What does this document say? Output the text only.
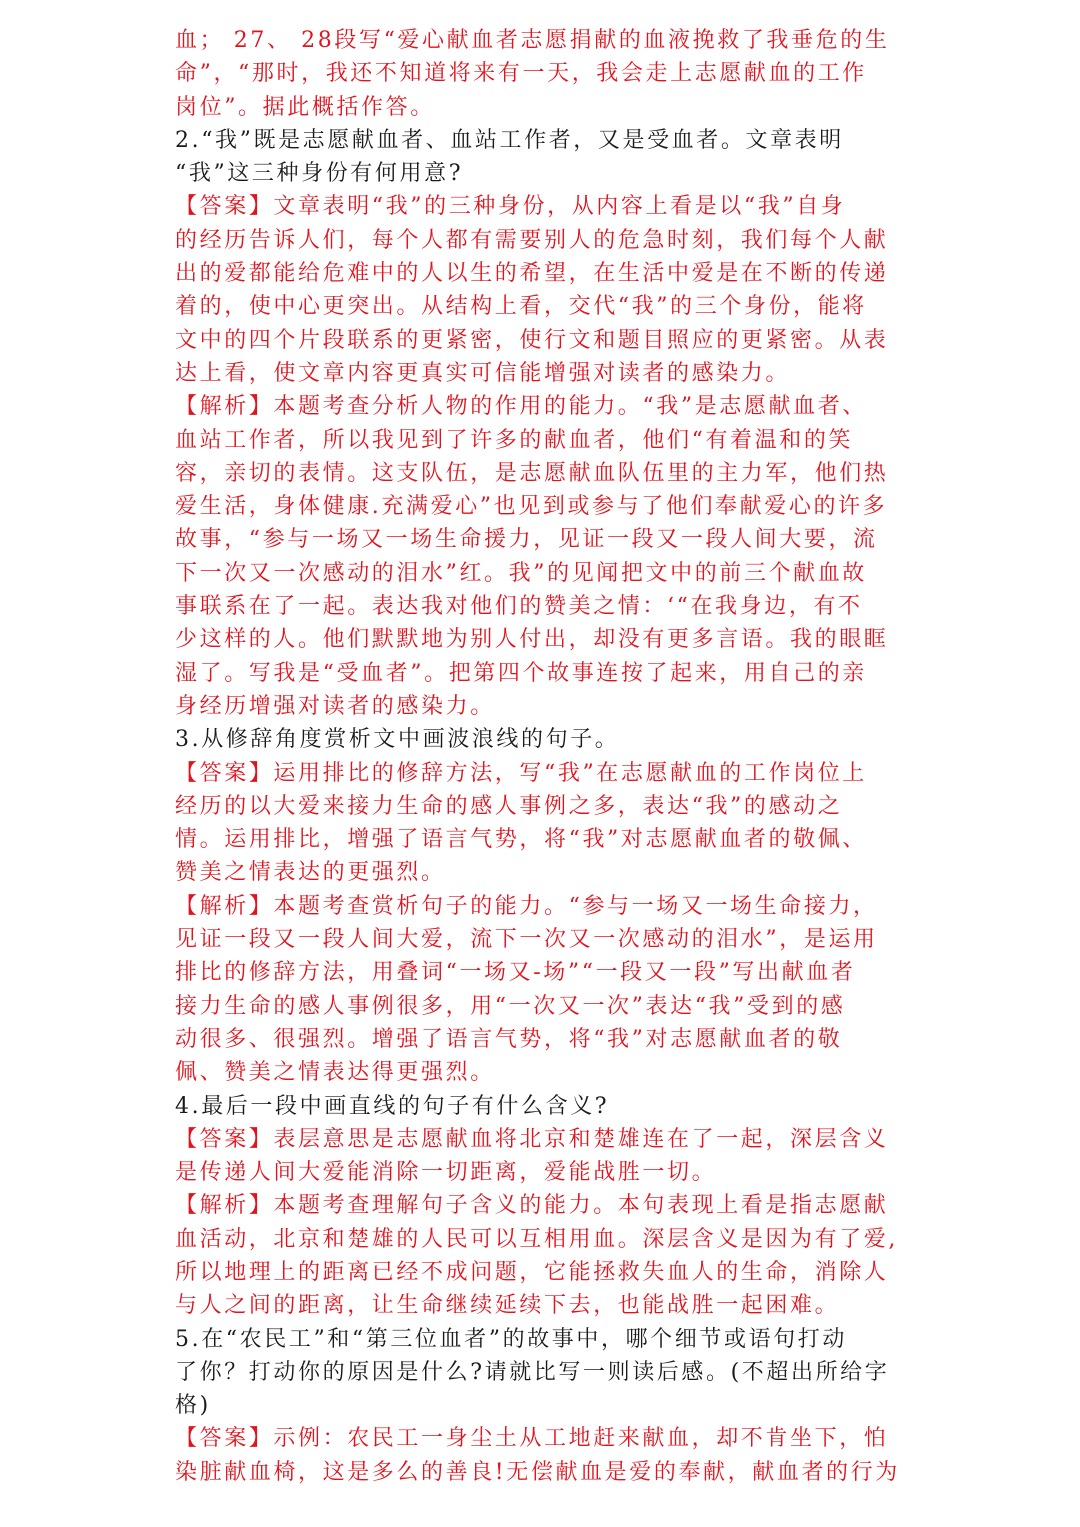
血； 27、 28段写“爱心献血者志愿捐献的血液挽救了我垂危的生
命”，“那时，我还不知道将来有一天，我会走上志愿献血的工作
岗位”。据此概括作答。
2.“我”既是志愿献血者、血站工作者，又是受血者。文章表明
“我”这三种身份有何用意?
【答案】文章表明“我”的三种身份，从内容上看是以“我”自身
的经历告诉人们，每个人都有需要别人的危急时刻，我们每个人献
出的爱都能给危难中的人以生的希望，在生活中爱是在不断的传递
着的，使中心更突出。从结构上看，交代“我”的三个身份，能将
文中的四个片段联系的更紧密，使行文和题目照应的更紧密。从表
达上看，使文章内容更真实可信能增强对读者的感染力。
【解析】本题考查分析人物的作用的能力。“我”是志愿献血者、
血站工作者，所以我见到了许多的献血者，他们“有着温和的笑
容，亲切的表情。这支队伍，是志愿献血队伍里的主力军，他们热
爱生活，身体健康.充满爱心”也见到或参与了他们奉献爱心的许多
故事，“参与一场又一场生命援力，见证一段又一段人间大要，流
下一次又一次感动的泪水”红。我”的见闻把文中的前三个献血故
事联系在了一起。表达我对他们的赞美之情：‘“在我身边，有不
少这样的人。他们默默地为别人付出，却没有更多言语。我的眼眶
湿了。写我是“受血者”。把第四个故事连按了起来，用自己的亲
身经历增强对读者的感染力。
3.从修辞角度赏析文中画波浪线的句子。
【答案】运用排比的修辞方法，写“我”在志愿献血的工作岗位上
经历的以大爱来接力生命的感人事例之多，表达“我”的感动之
情。运用排比，增强了语言气势，将“我”对志愿献血者的敬佩、
赞美之情表达的更强烈。
【解析】本题考查赏析句子的能力。“参与一场又一场生命接力，
见证一段又一段人间大爱，流下一次又一次感动的泪水”，是运用
排比的修辞方法，用叠词“一场又-场”“一段又一段”写出献血者
接力生命的感人事例很多，用“一次又一次”表达“我”受到的感
动很多、很强烈。增强了语言气势，将“我”对志愿献血者的敬
佩、赞美之情表达得更强烈。
4.最后一段中画直线的句子有什么含义?
【答案】表层意思是志愿献血将北京和楚雄连在了一起，深层含义
是传递人间大爱能消除一切距离，爱能战胜一切。
【解析】本题考查理解句子含义的能力。本句表现上看是指志愿献
血活动，北京和楚雄的人民可以互相用血。深层含义是因为有了爱,
所以地理上的距离已经不成问题，它能拯救失血人的生命，消除人
与人之间的距离，让生命继续延续下去，也能战胜一起困难。
5.在“农民工”和“第三位血者”的故事中，哪个细节或语句打动
了你？打动你的原因是什么?请就比写一则读后感。(不超出所给字
格)
【答案】示例：农民工一身尘土从工地赶来献血，却不肯坐下，怕
染脏献血椅，这是多么的善良!无偿献血是爱的奉献，献血者的行为
